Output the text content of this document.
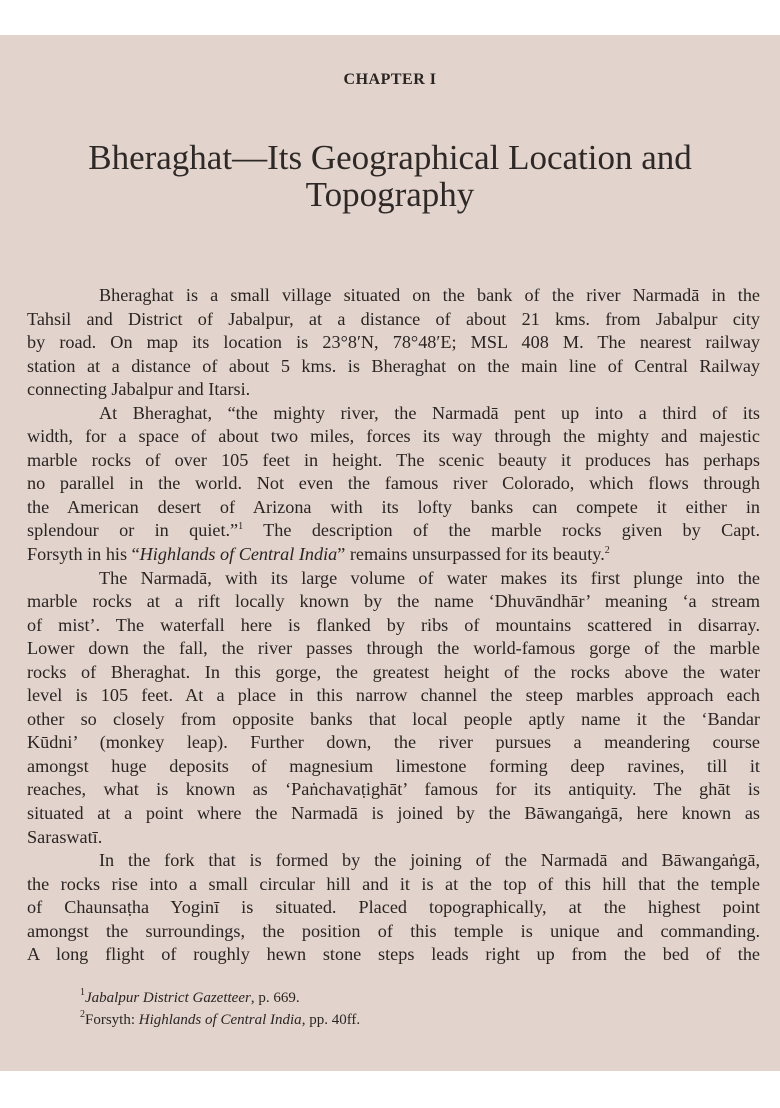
CHAPTER I
Bheraghat—Its Geographical Location and
Topography
Bheraghat is a small village situated on the bank of the river Narmadā in the
Tahsil and District of Jabalpur, at a distance of about 21 kms. from Jabalpur city
by road. On map its location is 23°8′N, 78°48′E; MSL 408 M. The nearest railway
station at a distance of about 5 kms. is Bheraghat on the main line of Central Railway
connecting Jabalpur and Itarsi.
At Bheraghat, “the mighty river, the Narmadā pent up into a third of its
width, for a space of about two miles, forces its way through the mighty and majestic
marble rocks of over 105 feet in height. The scenic beauty it produces has perhaps
no parallel in the world. Not even the famous river Colorado, which flows through
the American desert of Arizona with its lofty banks can compete it either in
splendour or in quiet.”$^1$ The description of the marble rocks given by Capt.
Forsyth in his “Highlands of Central India” remains unsurpassed for its beauty.$^2$
The Narmadā, with its large volume of water makes its first plunge into the
marble rocks at a rift locally known by the name ‘Dhuvāndhār’ meaning ‘a stream
of mist’. The waterfall here is flanked by ribs of mountains scattered in disarray.
Lower down the fall, the river passes through the world-famous gorge of the marble
rocks of Bheraghat. In this gorge, the greatest height of the rocks above the water
level is 105 feet. At a place in this narrow channel the steep marbles approach each
other so closely from opposite banks that local people aptly name it the ‘Bandar
Kūdni’ (monkey leap). Further down, the river pursues a meandering course
amongst huge deposits of magnesium limestone forming deep ravines, till it
reaches, what is known as ‘Paṅchavaṭighāt’ famous for its antiquity. The ghāt is
situated at a point where the Narmadā is joined by the Bāwangaṅgā, here known as
Saraswatī.
In the fork that is formed by the joining of the Narmadā and Bāwangaṅgā,
the rocks rise into a small circular hill and it is at the top of this hill that the temple
of Chaunsaṭha Yoginī is situated. Placed topographically, at the highest point
amongst the surroundings, the position of this temple is unique and commanding.
A long flight of roughly hewn stone steps leads right up from the bed of the
$^1$Jabalpur District Gazetteer, p. 669.
$^2$Forsyth: Highlands of Central India, pp. 40ff.
